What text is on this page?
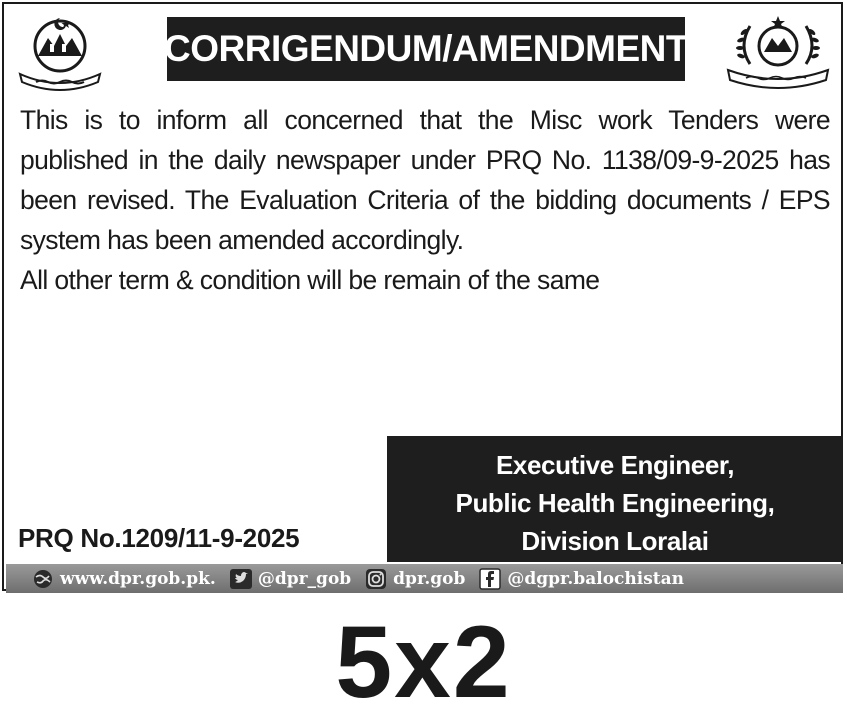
CORRIGENDUM/AMENDMENT

This is to inform all concerned that the Misc work Tenders were published in the daily newspaper under PRQ No. 1138/09-9-2025 has been revised. The Evaluation Criteria of the bidding documents / EPS system has been amended accordingly.

All other term & condition will be remain of the same

Executive Engineer,
Public Health Engineering,
Division Loralai
PRQ No.1209/11-9-2025
www.dpr.gob.pk. @dpr_gob dpr.gob @dgpr.balochistan
5x2
